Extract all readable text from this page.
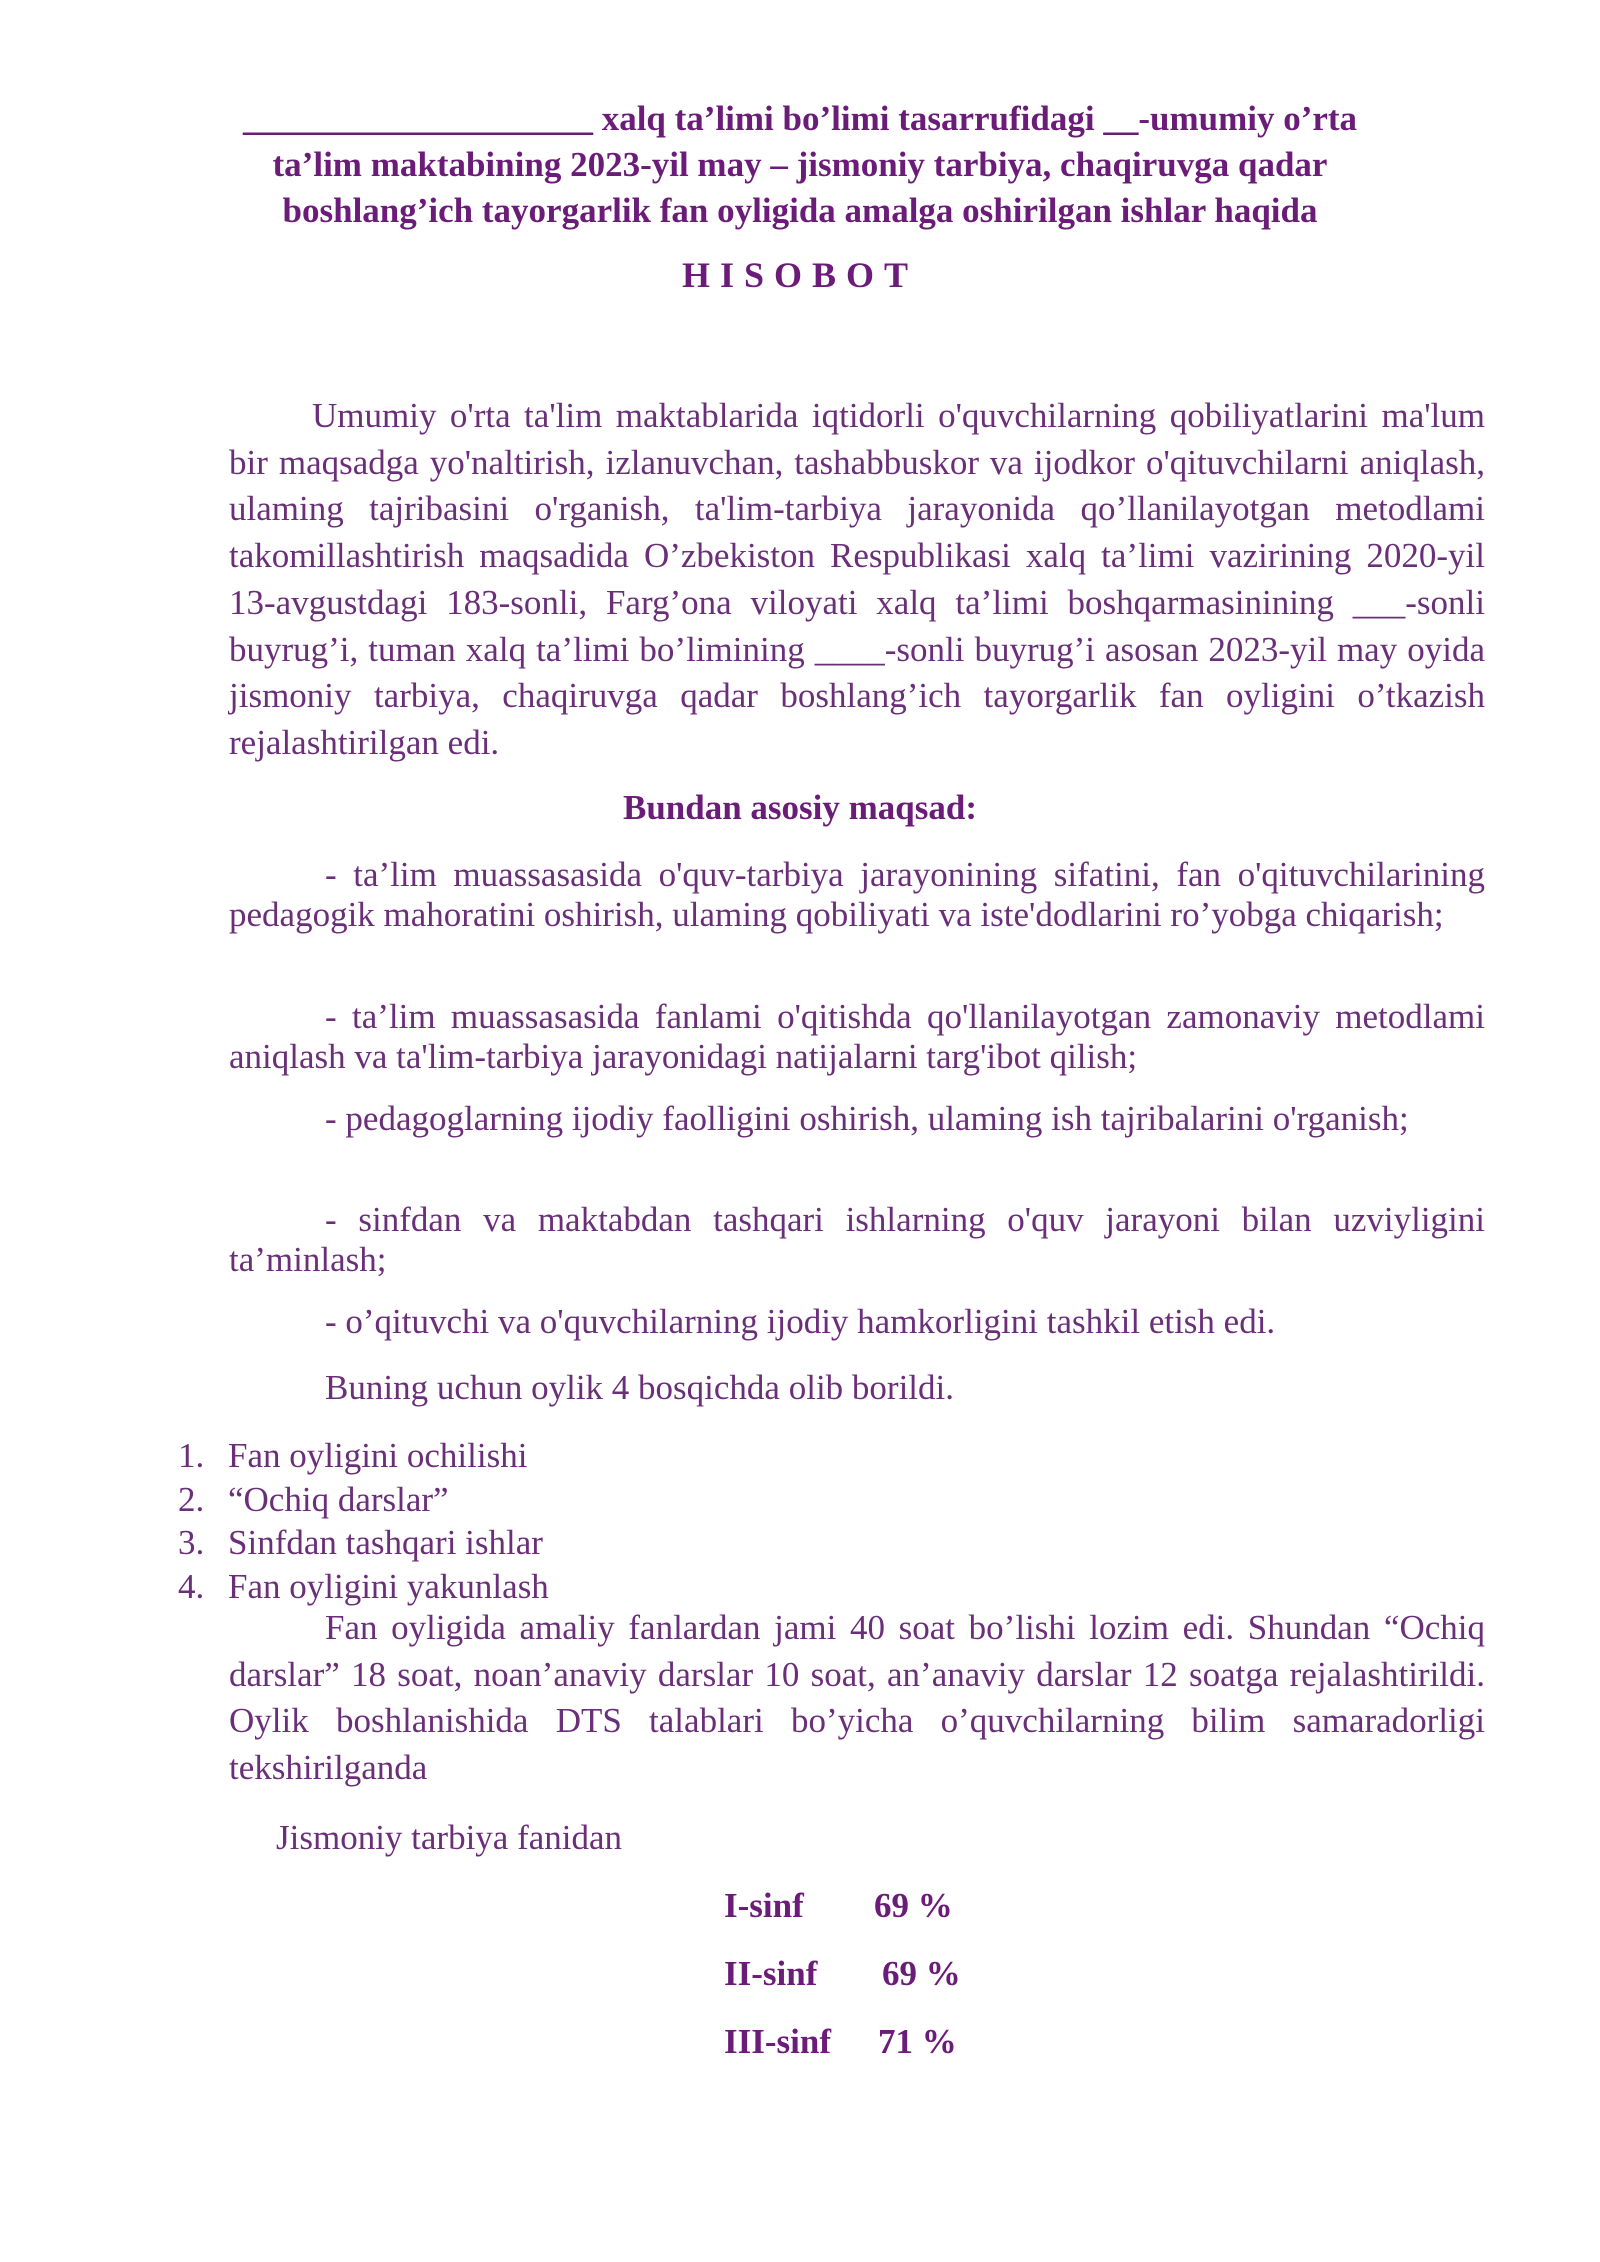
____________________ xalq ta’limi bo’limi tasarrufidagi __-umumiy o’rta
ta’lim maktabining 2023-yil may – jismoniy tarbiya, chaqiruvga qadar
boshlang’ich tayorgarlik fan oyligida amalga oshirilgan ishlar haqida
HISOBOT

Umumiy o'rta ta'lim maktablarida iqtidorli o'quvchilarning qobiliyatlarini ma'lum bir maqsadga yo'naltirish, izlanuvchan, tashabbuskor va ijodkor o'qituvchilarni aniqlash, ulaming tajribasini o'rganish, ta'lim-tarbiya jarayonida qo’llanilayotgan metodlami takomillashtirish maqsadida O’zbekiston Respublikasi xalq ta’limi vazirining 2020-yil 13-avgustdagi 183-sonli, Farg’ona viloyati xalq ta’limi boshqarmasinining ___-sonli buyrug’i, tuman xalq ta’limi bo’limining ____-sonli buyrug’i asosan 2023-yil may oyida jismoniy tarbiya, chaqiruvga qadar boshlang’ich tayorgarlik fan oyligini o’tkazish rejalashtirilgan edi.

Bundan asosiy maqsad:

- ta’lim muassasasida o'quv-tarbiya jarayonining sifatini, fan o'qituvchilarining pedagogik mahoratini oshirish, ulaming qobiliyati va iste'dodlarini ro’yobga chiqarish;

- ta’lim muassasasida fanlami o'qitishda qo'llanilayotgan zamonaviy metodlami aniqlash va ta'lim-tarbiya jarayonidagi natijalarni targ'ibot qilish;

- pedagoglarning ijodiy faolligini oshirish, ulaming ish tajribalarini o'rganish;

- sinfdan va maktabdan tashqari ishlarning o'quv jarayoni bilan uzviyligini ta’minlash;

- o’qituvchi va o'quvchilarning ijodiy hamkorligini tashkil etish edi.

Buning uchun oylik 4 bosqichda olib borildi.
1. Fan oyligini ochilishi
2. “Ochiq darslar”
3. Sinfdan tashqari ishlar
4. Fan oyligini yakunlash

Fan oyligida amaliy fanlardan jami 40 soat bo’lishi lozim edi. Shundan “Ochiq darslar” 18 soat, noan’anaviy darslar 10 soat, an’anaviy darslar 12 soatga rejalashtirildi. Oylik boshlanishida DTS talablari bo’yicha o’quvchilarning bilim samaradorligi tekshirilganda

Jismoniy tarbiya fanidan
I-sinf	69 %
II-sinf	69 %
III-sinf	71 %
